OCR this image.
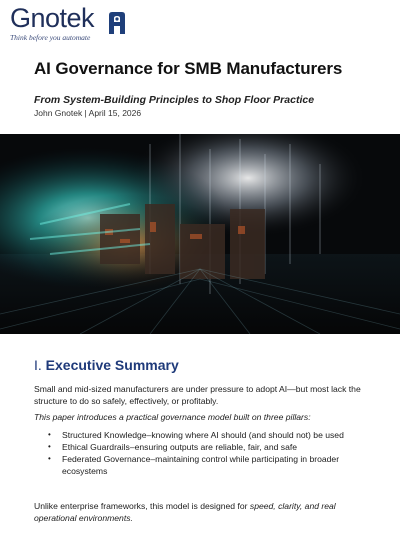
Gnotek
Think before you automate
AI Governance for SMB Manufacturers
From System-Building Principles to Shop Floor Practice
John Gnotek | April 15, 2026
I. Executive Summary

Small and mid-sized manufacturers are under pressure to adopt AI—but most lack the structure to do so safely, effectively, or profitably.

This paper introduces a practical governance model built on three pillars:

• Structured Knowledge–knowing where AI should (and should not) be used
• Ethical Guardrails–ensuring outputs are reliable, fair, and safe
• Federated Governance–maintaining control while participating in broader ecosystems

Unlike enterprise frameworks, this model is designed for speed, clarity, and real operational environments.
